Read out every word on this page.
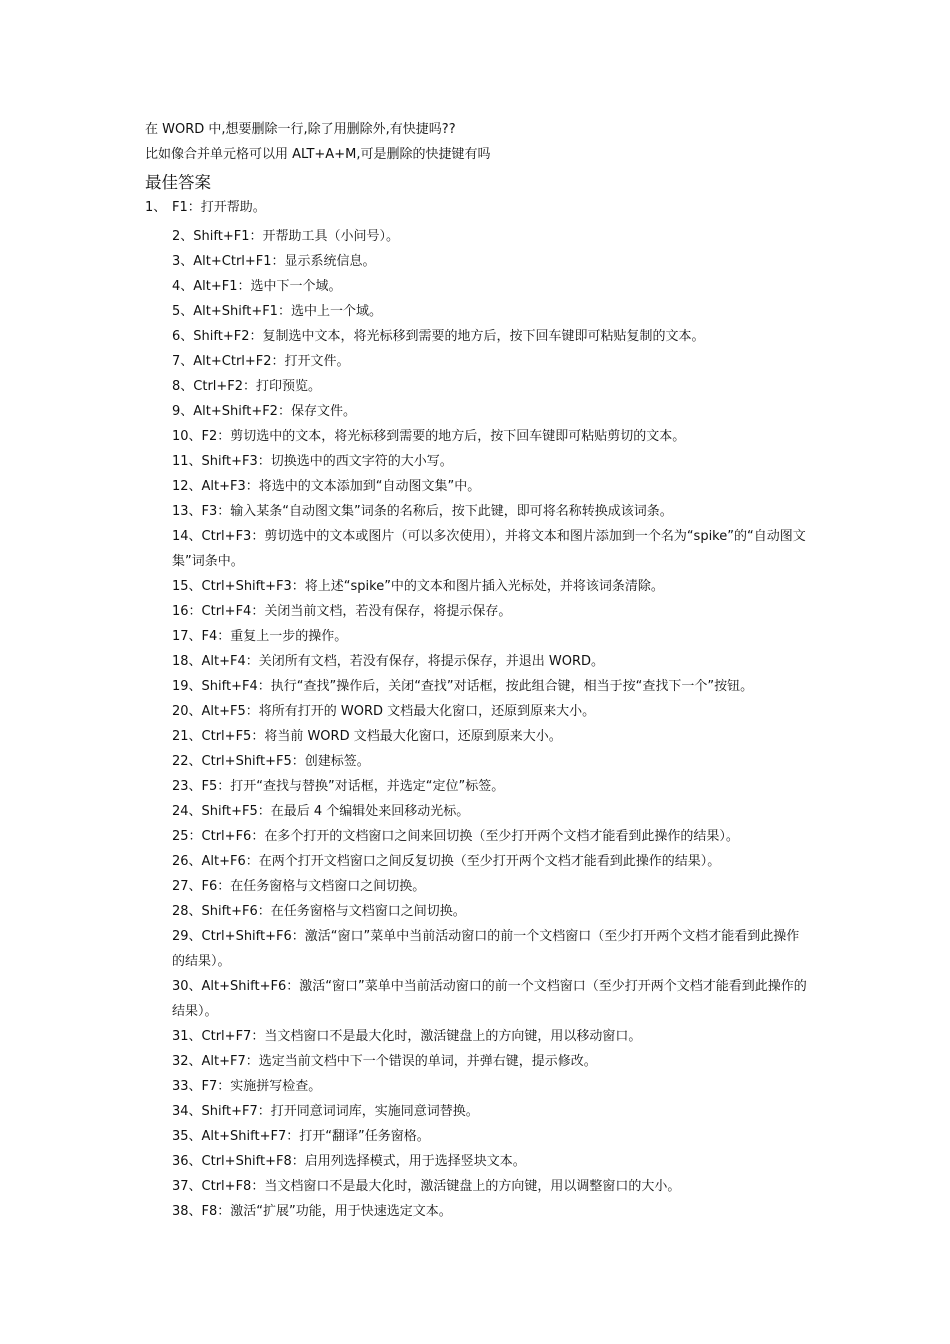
在 WORD 中,想要删除一行,除了用删除外,有快捷吗??
比如像合并单元格可以用 ALT+A+M,可是删除的快捷键有吗
最佳答案
1、 F1：打开帮助。
2、Shift+F1：开帮助工具（小问号）。
3、Alt+Ctrl+F1：显示系统信息。
4、Alt+F1：选中下一个域。
5、Alt+Shift+F1：选中上一个域。
6、Shift+F2：复制选中文本，将光标移到需要的地方后，按下回车键即可粘贴复制的文本。
7、Alt+Ctrl+F2：打开文件。
8、Ctrl+F2：打印预览。
9、Alt+Shift+F2：保存文件。
10、F2：剪切选中的文本，将光标移到需要的地方后，按下回车键即可粘贴剪切的文本。
11、Shift+F3：切换选中的西文字符的大小写。
12、Alt+F3：将选中的文本添加到“自动图文集”中。
13、F3：输入某条“自动图文集”词条的名称后，按下此键，即可将名称转换成该词条。
14、Ctrl+F3：剪切选中的文本或图片（可以多次使用），并将文本和图片添加到一个名为“spike”的“自动图文集”词条中。
15、Ctrl+Shift+F3：将上述“spike”中的文本和图片插入光标处，并将该词条清除。
16：Ctrl+F4：关闭当前文档，若没有保存，将提示保存。
17、F4：重复上一步的操作。
18、Alt+F4：关闭所有文档，若没有保存，将提示保存，并退出 WORD。
19、Shift+F4：执行“查找”操作后，关闭“查找”对话框，按此组合键，相当于按“查找下一个”按钮。
20、Alt+F5：将所有打开的 WORD 文档最大化窗口，还原到原来大小。
21、Ctrl+F5：将当前 WORD 文档最大化窗口，还原到原来大小。
22、Ctrl+Shift+F5：创建标签。
23、F5：打开“查找与替换”对话框，并选定“定位”标签。
24、Shift+F5：在最后 4 个编辑处来回移动光标。
25：Ctrl+F6：在多个打开的文档窗口之间来回切换（至少打开两个文档才能看到此操作的结果）。
26、Alt+F6：在两个打开文档窗口之间反复切换（至少打开两个文档才能看到此操作的结果）。
27、F6：在任务窗格与文档窗口之间切换。
28、Shift+F6：在任务窗格与文档窗口之间切换。
29、Ctrl+Shift+F6：激活“窗口”菜单中当前活动窗口的前一个文档窗口（至少打开两个文档才能看到此操作的结果）。
30、Alt+Shift+F6：激活“窗口”菜单中当前活动窗口的前一个文档窗口（至少打开两个文档才能看到此操作的结果）。
31、Ctrl+F7：当文档窗口不是最大化时，激活键盘上的方向键，用以移动窗口。
32、Alt+F7：选定当前文档中下一个错误的单词，并弹右键，提示修改。
33、F7：实施拼写检查。
34、Shift+F7：打开同意词词库，实施同意词替换。
35、Alt+Shift+F7：打开“翻译”任务窗格。
36、Ctrl+Shift+F8：启用列选择模式，用于选择竖块文本。
37、Ctrl+F8：当文档窗口不是最大化时，激活键盘上的方向键，用以调整窗口的大小。
38、F8：激活“扩展”功能，用于快速选定文本。
